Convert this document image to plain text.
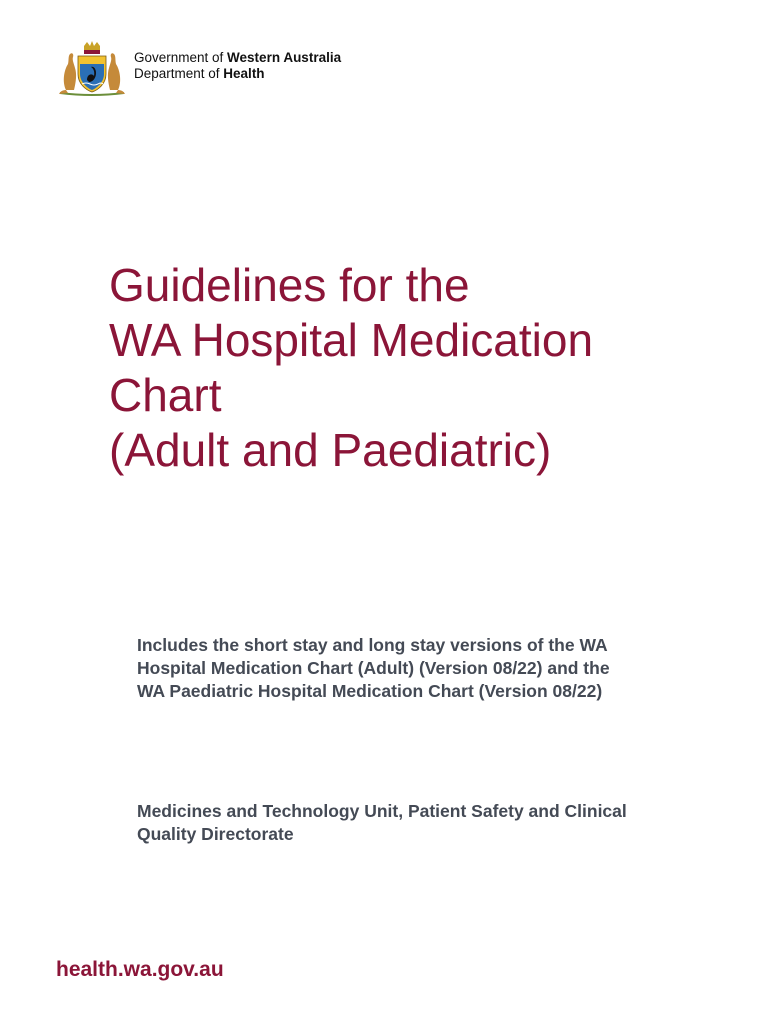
Government of Western Australia
Department of Health
Guidelines for the
WA Hospital Medication
Chart
(Adult and Paediatric)

Includes the short stay and long stay versions of the WA
Hospital Medication Chart (Adult) (Version 08/22) and the
WA Paediatric Hospital Medication Chart (Version 08/22)

Medicines and Technology Unit, Patient Safety and Clinical
Quality Directorate

health.wa.gov.au
